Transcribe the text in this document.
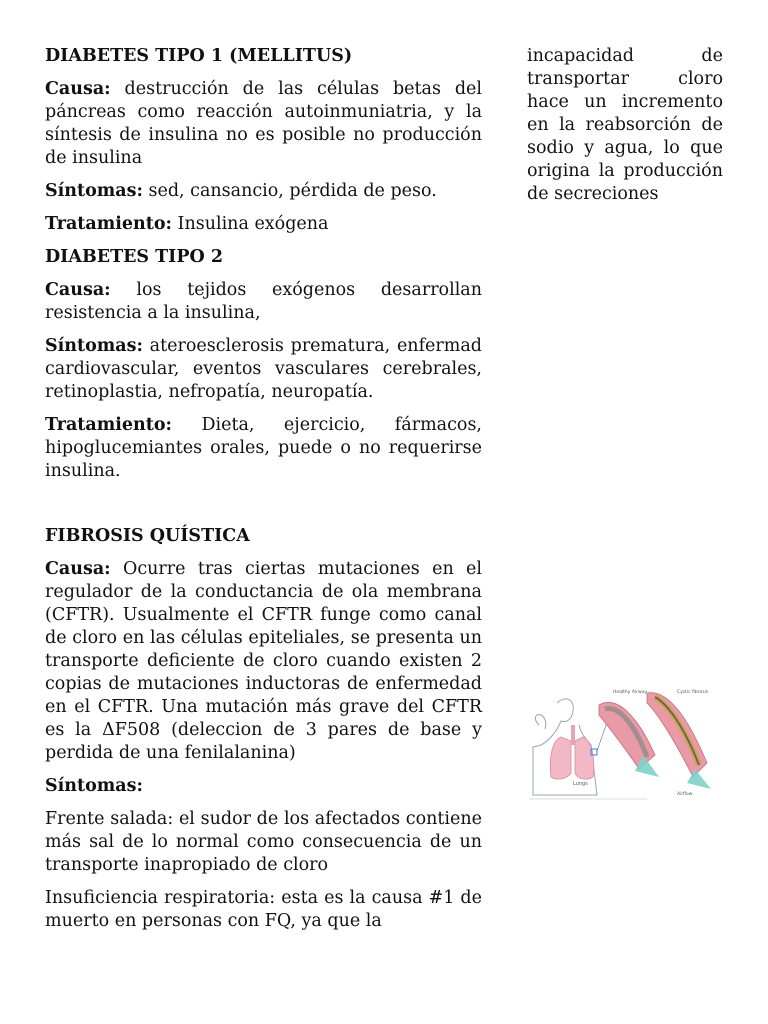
DIABETES TIPO 1 (MELLITUS)

Causa: destrucción de las células betas del páncreas como reacción autoinmuniatria, y la síntesis de insulina no es posible no producción de insulina

Síntomas: sed, cansancio, pérdida de peso.

Tratamiento: Insulina exógena

DIABETES TIPO 2

Causa: los tejidos exógenos desarrollan resistencia a la insulina,

Síntomas: ateroesclerosis prematura, enfermad cardiovascular, eventos vasculares cerebrales, retinoplastia, nefropatía, neuropatía.

Tratamiento: Dieta, ejercicio, fármacos, hipoglucemiantes orales, puede o no requerirse insulina.

FIBROSIS QUÍSTICA

Causa: Ocurre tras ciertas mutaciones en el regulador de la conductancia de ola membrana (CFTR). Usualmente el CFTR funge como canal de cloro en las células epiteliales, se presenta un transporte deficiente de cloro cuando existen 2 copias de mutaciones inductoras de enfermedad en el CFTR. Una mutación más grave del CFTR es la ΔF508 (deleccion de 3 pares de base y perdida de una fenilalanina)

Síntomas:

Frente salada: el sudor de los afectados contiene más sal de lo normal como consecuencia de un transporte inapropiado de cloro

Insuficiencia respiratoria: esta es la causa #1 de muerto en personas con FQ, ya que la

incapacidad de transportar cloro hace un incremento en la reabsorción de sodio y agua, lo que origina la producción de secreciones

Lungs
Healthy Airway	Cystic fibrosis
Airflow
